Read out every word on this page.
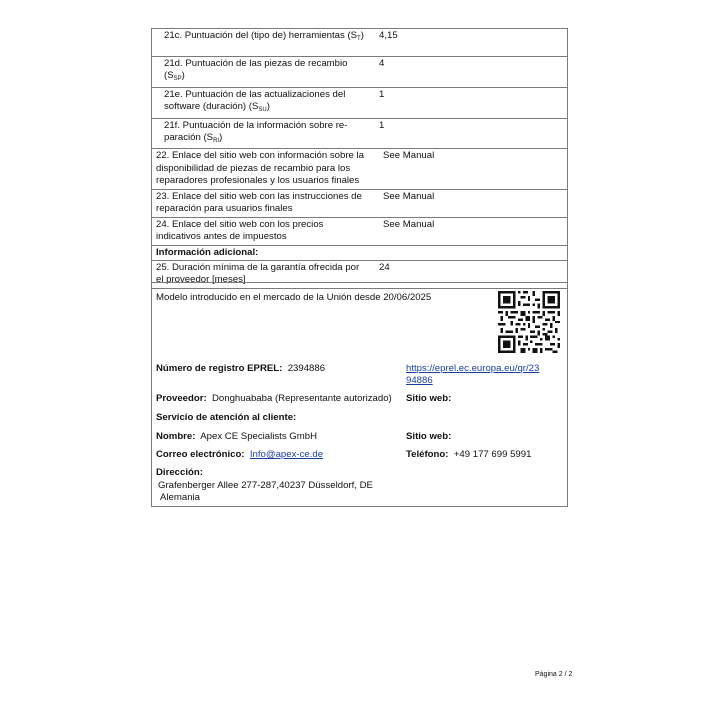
21c. Puntuación del (tipo de) herramientas $(S_T)$	4,15
21d. Puntuación de las piezas de recambio $(S_{SP})$	4
21e. Puntuación de las actualizaciones del software (duración) $(S_{SU})$	1
21f. Puntuación de la información sobre re-paración $(S_{RI})$	1
22. Enlace del sitio web con información sobre la disponibilidad de piezas de recambio para los reparadores profesionales y los usuarios finales	See Manual
23. Enlace del sitio web con las instrucciones de reparación para usuarios finales	See Manual
24. Enlace del sitio web con los precios indicativos antes de impuestos	See Manual
Información adicional:	
25. Duración mínima de la garantía ofrecida por el proveedor [meses]	24
Modelo introducido en el mercado de la Unión desde 20/06/2025
Número de registro EPREL: 2394886	https://eprel.ec.europa.eu/qr/23
94886
Proveedor: Donghuababa (Representante autorizado) Sitio web:
Servicio de atención al cliente:
Nombre: Apex CE Specialists GmbH	Sitio web:
Correo electrónico: Info@apex-ce.de	Teléfono: +49 177 699 5991
Dirección:
Grafenberger Allee 277-287,40237 Düsseldorf, DE
Alemania
Página 2 / 2
